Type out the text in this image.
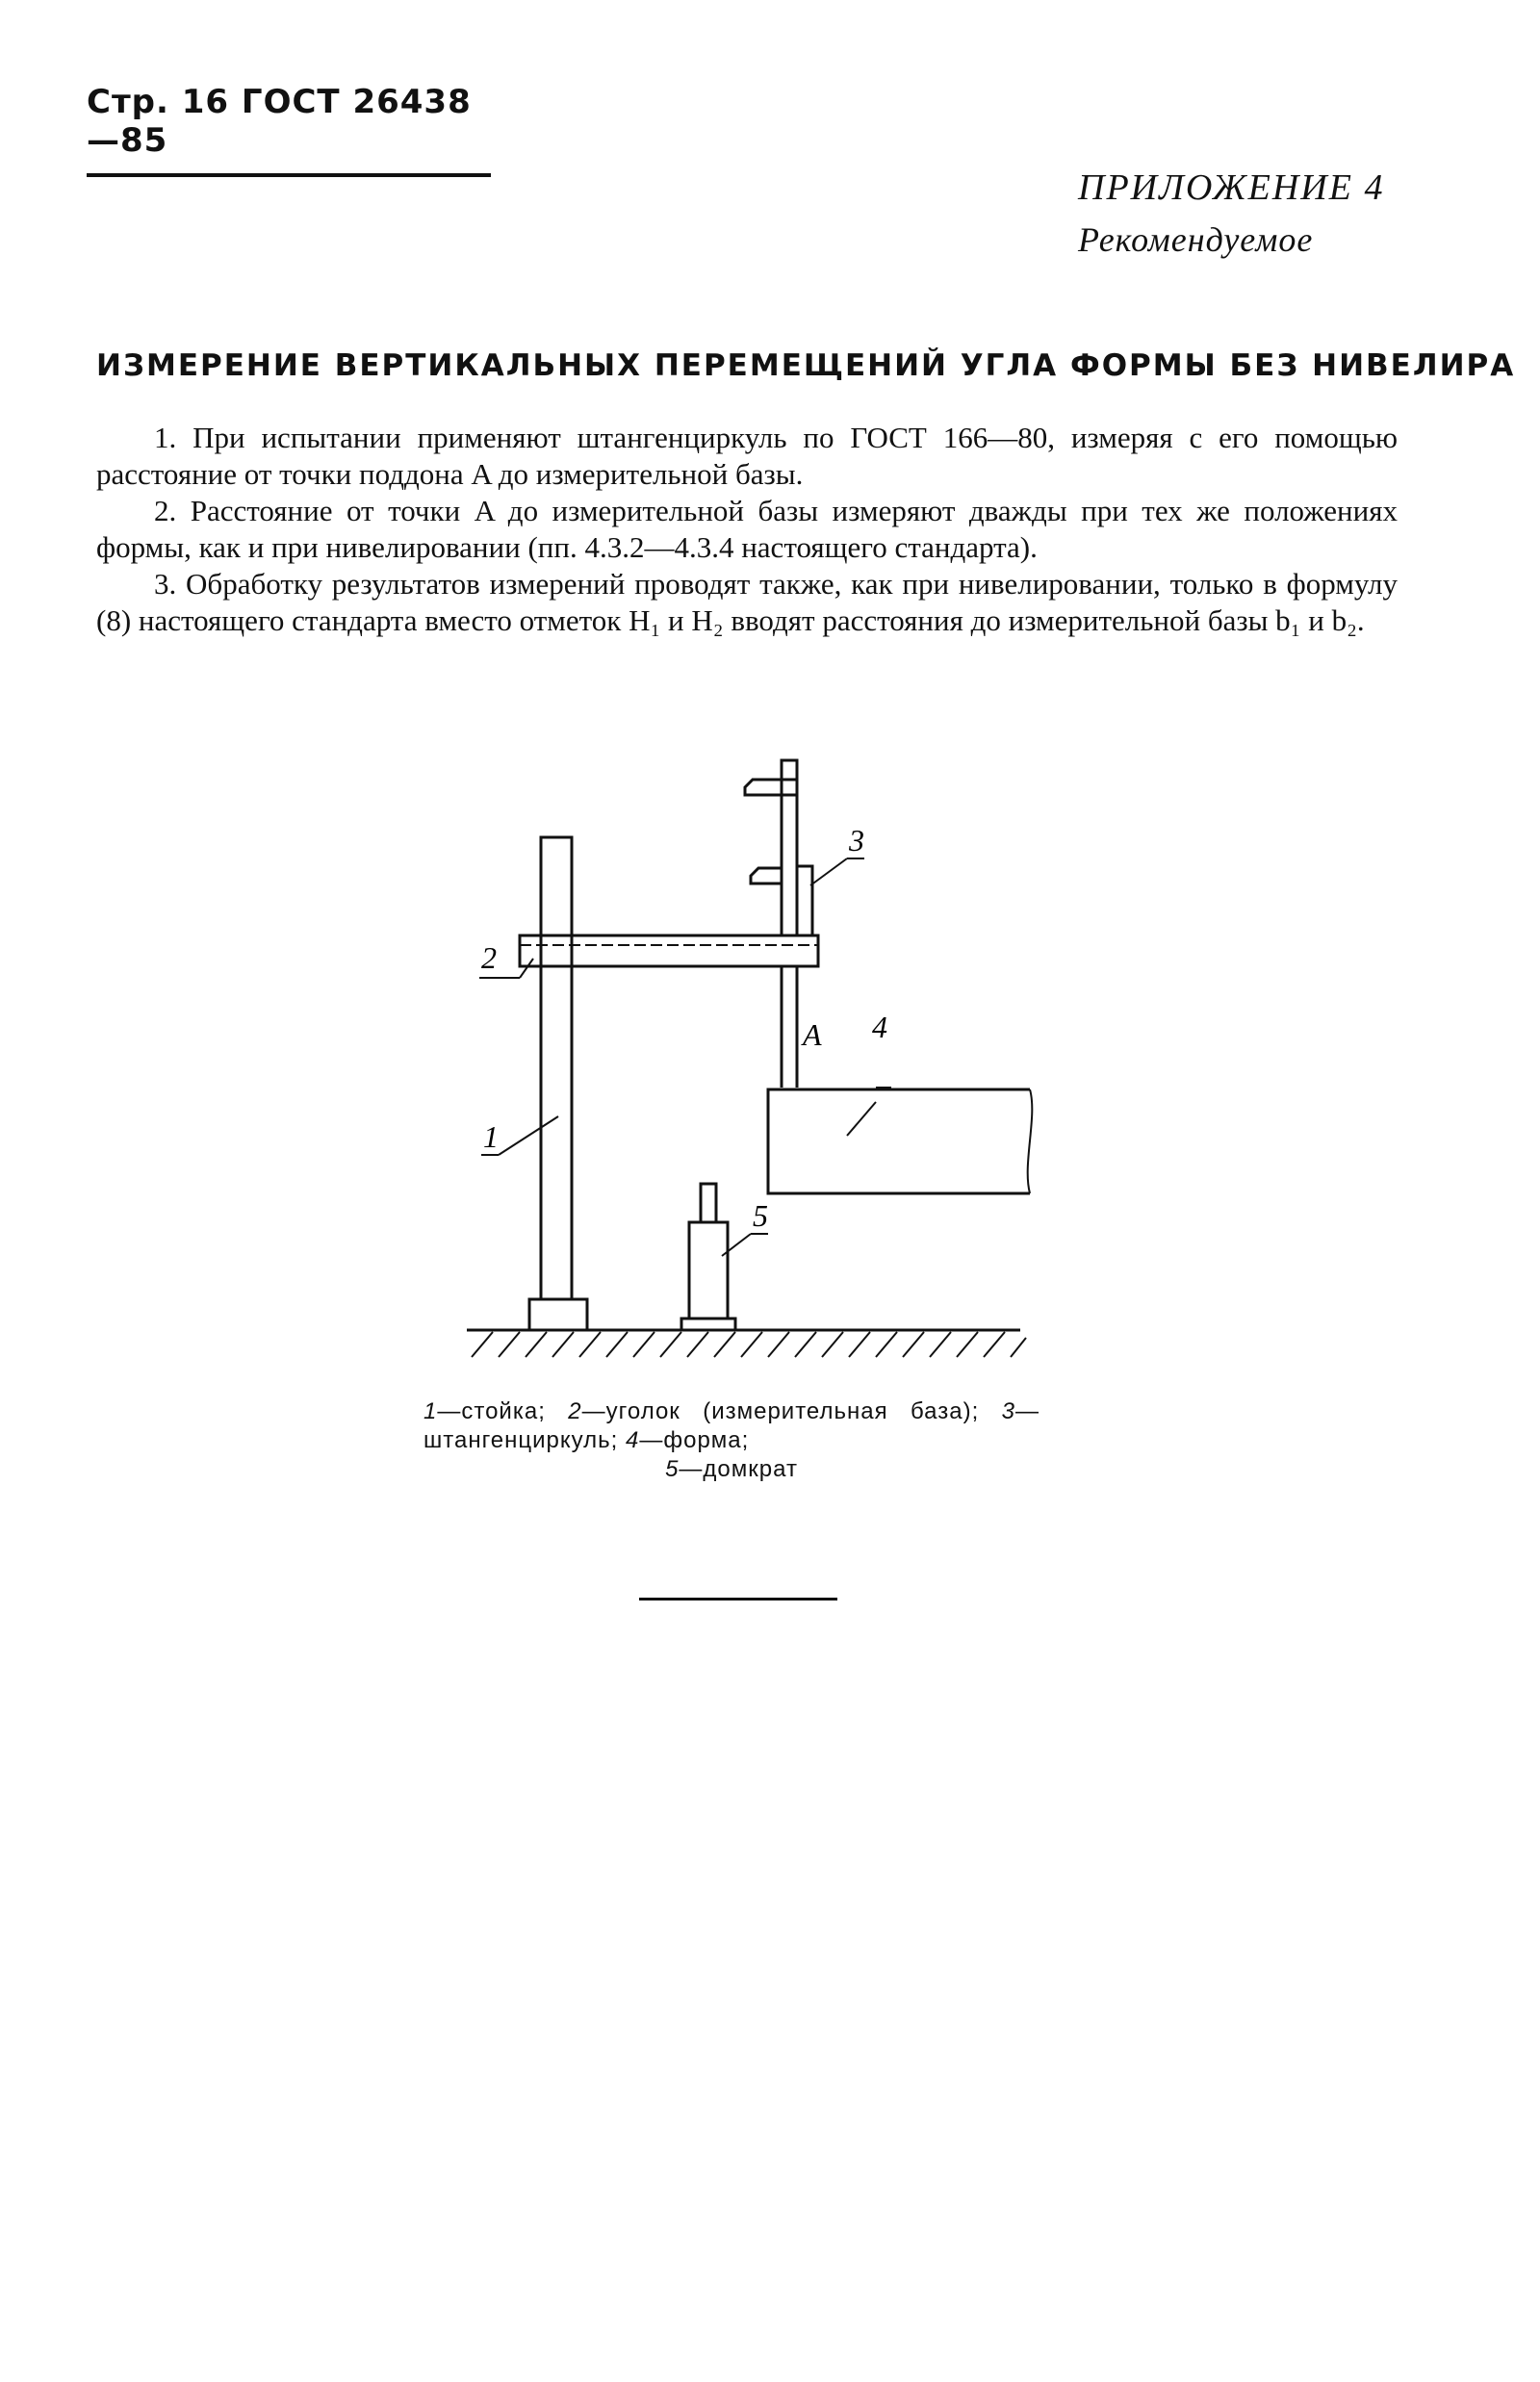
Стр. 16 ГОСТ 26438—85
ПРИЛОЖЕНИЕ 4
Рекомендуемое
ИЗМЕРЕНИЕ ВЕРТИКАЛЬНЫХ ПЕРЕМЕЩЕНИЙ УГЛА ФОРМЫ БЕЗ НИВЕЛИРА

1. При испытании применяют штангенциркуль по ГОСТ 166—80, измеряя с его помощью расстояние от точки поддона A до измерительной базы.

2. Расстояние от точки A до измерительной базы измеряют дважды при тех же положениях формы, как и при нивелировании (пп. 4.3.2—4.3.4 настоящего стандарта).

3. Обработку результатов измерений проводят также, как при нивелировании, только в формулу (8) настоящего стандарта вместо отметок H₁ и H₂ вводят расстояния до измерительной базы b₁ и b₂.

2
1
3
4
5
A
1—стойка; 2—уголок (измерительная база); 3—штангенциркуль; 4—форма;
5—домкрат
